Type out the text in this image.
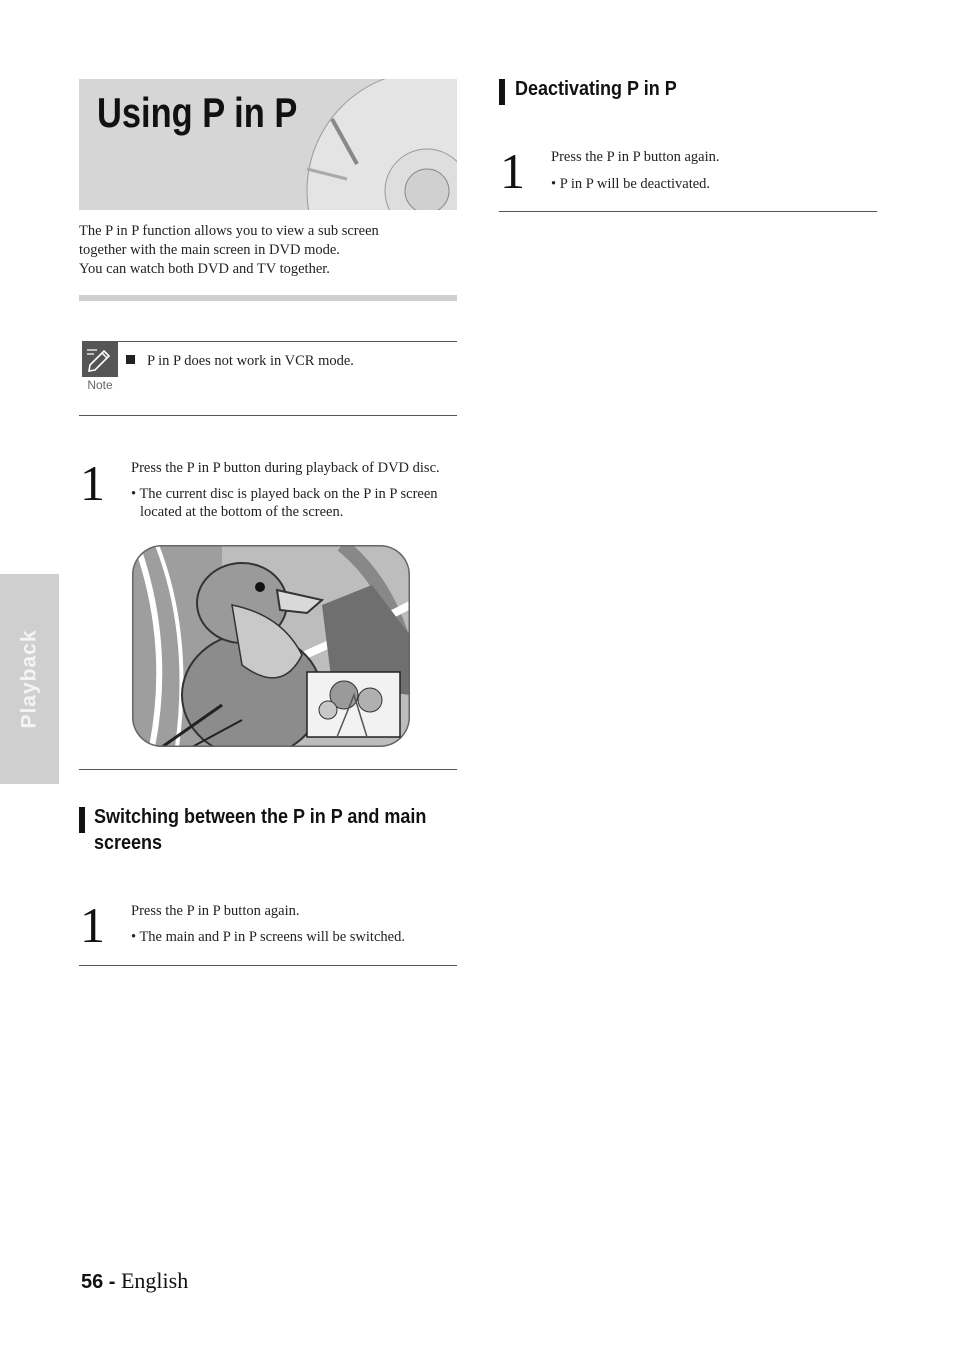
Using P in P
The P in P function allows you to view a sub screen
together with the main screen in DVD mode.
You can watch both DVD and TV together.
Note
P in P does not work in VCR mode.
1 Press the P in P button during playback of DVD disc.
• The current disc is played back on the P in P screen
located at the bottom of the screen.
Switching between the P in P and main
screens
1 Press the P in P button again.
• The main and P in P screens will be switched.
Deactivating P in P
1 Press the P in P button again.
• P in P will be deactivated.
Playback
56 - English
